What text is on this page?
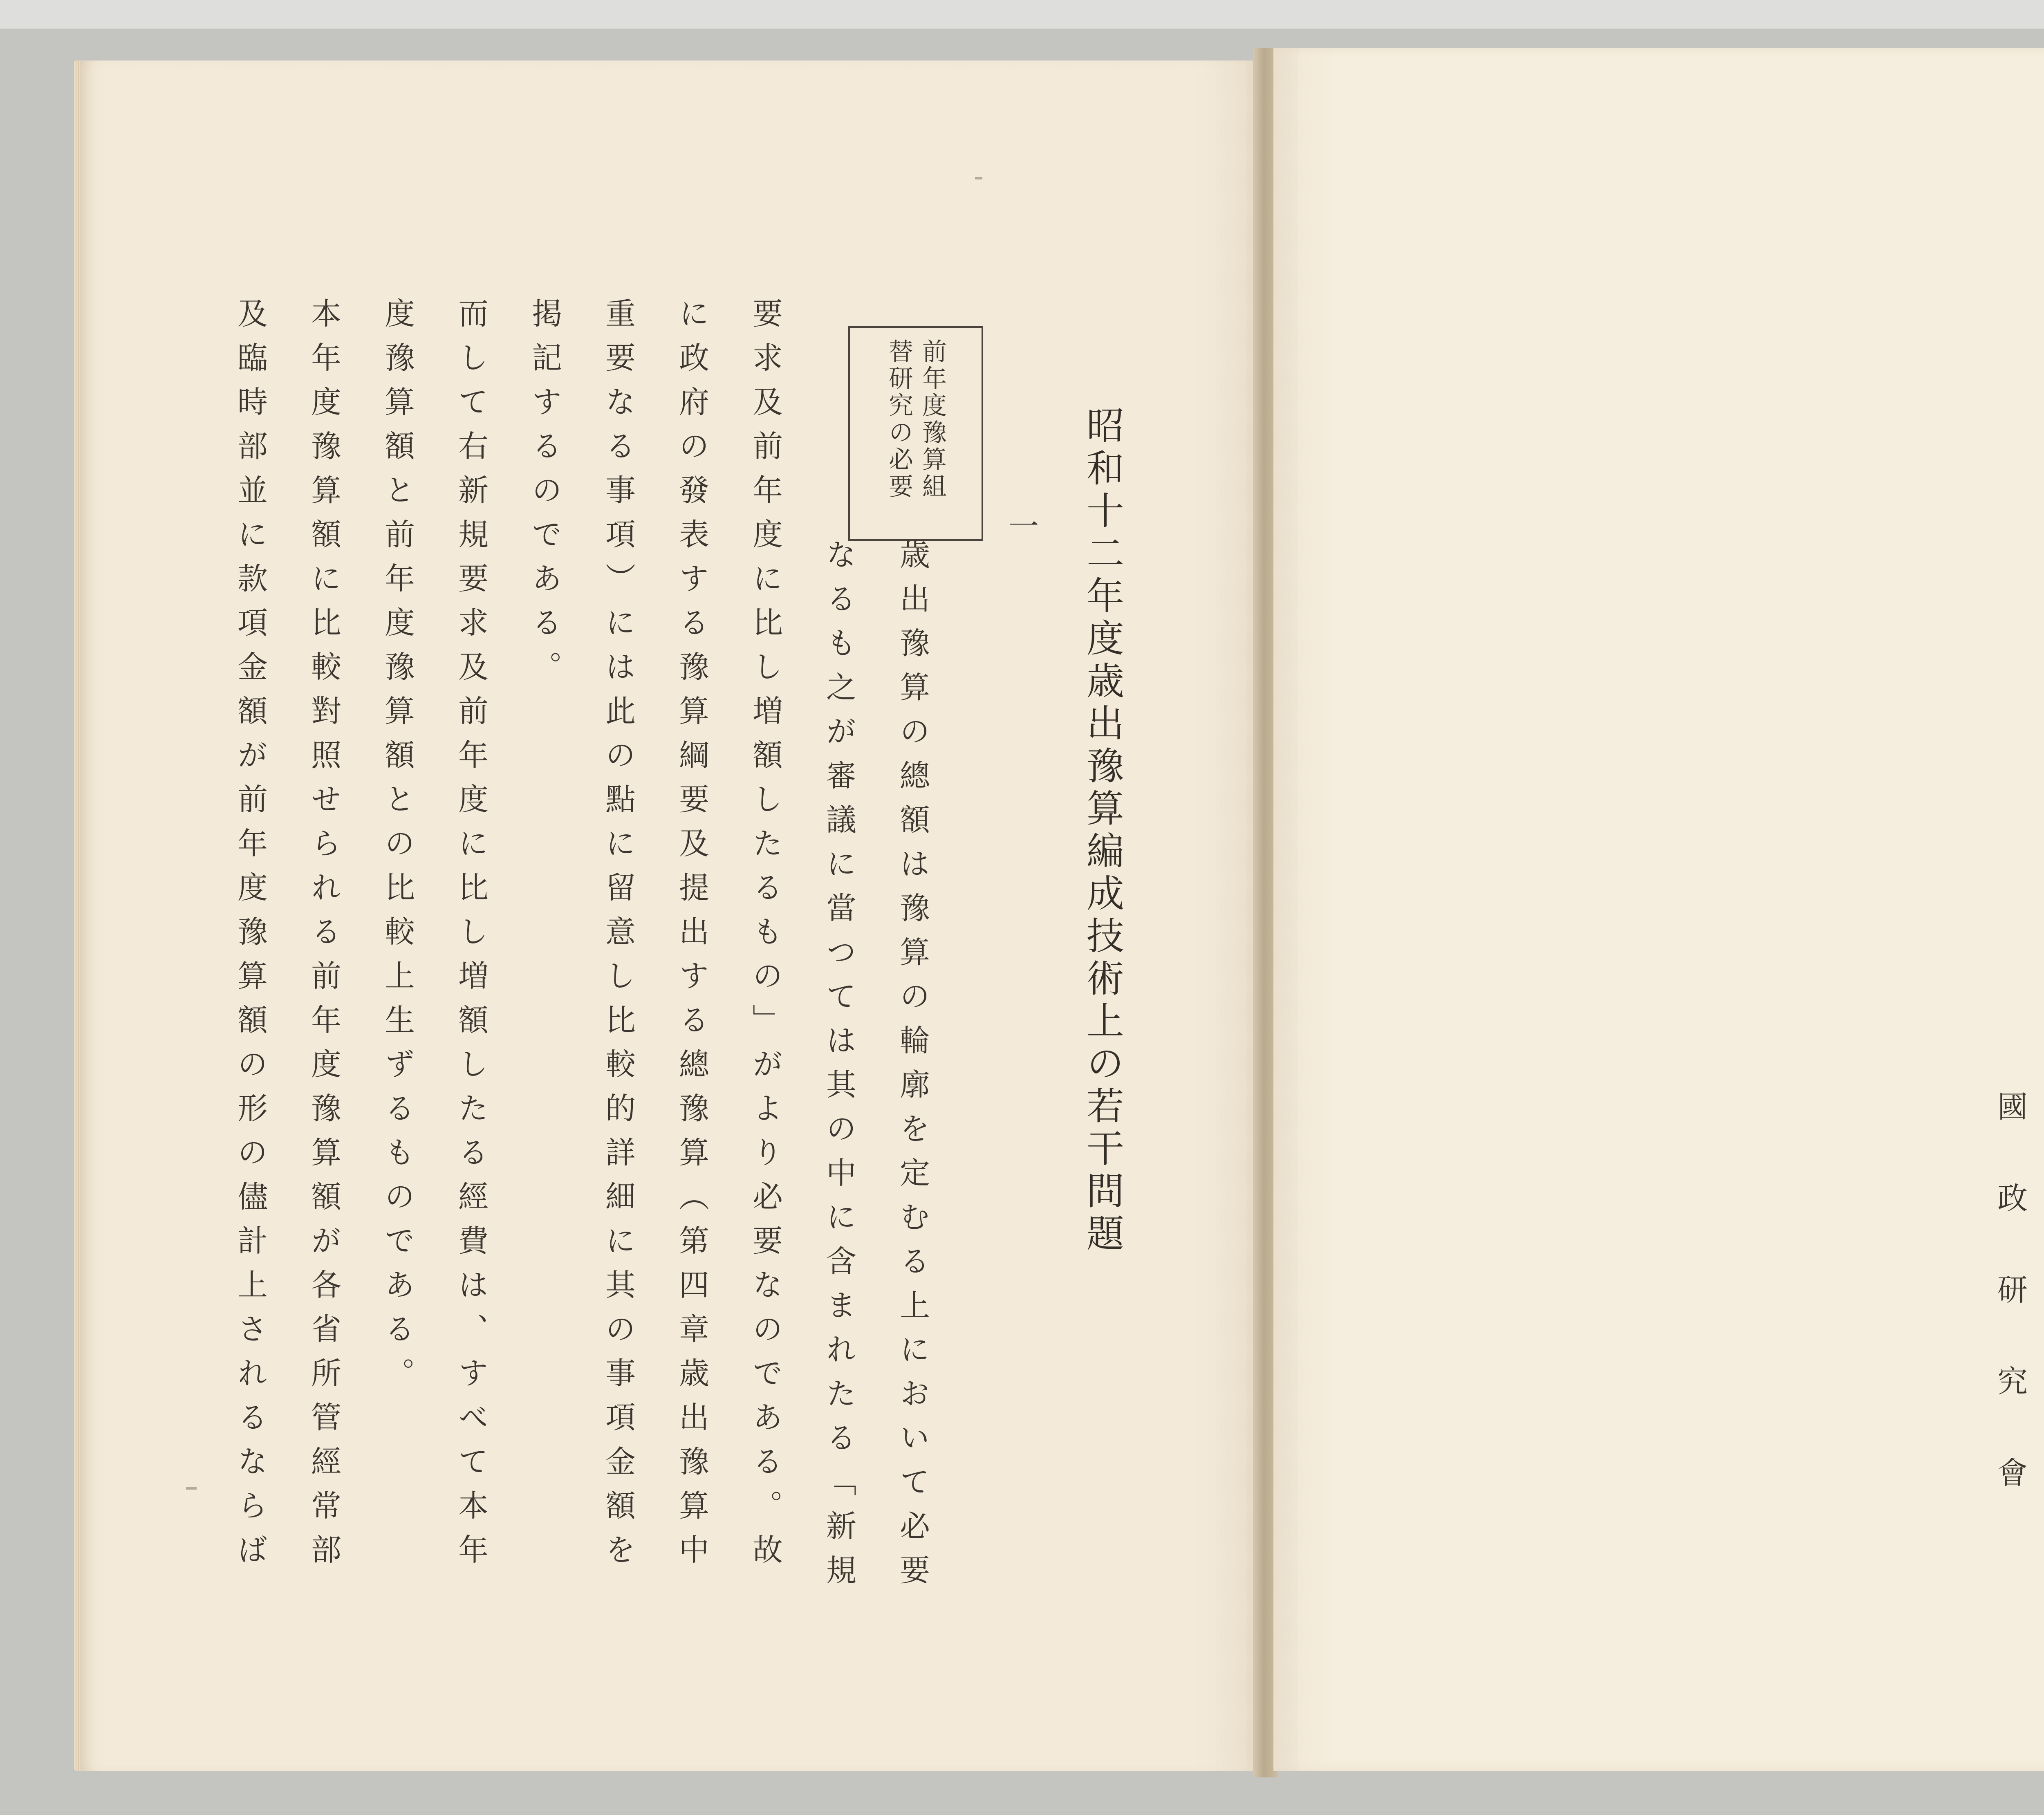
昭和十二年度歳出豫算編成技術上の若干問題
一
前年度豫算組
替研究の必要
歳出豫算の總額は豫算の輪廓を定むる上において必要
なるも之が審議に當つては其の中に含まれたる「新規
要求及前年度に比し増額したるもの」がより必要なのである。故
に政府の發表する豫算綱要及提出する總豫算（第四章歳出豫算中
重要なる事項）には此の點に留意し比較的詳細に其の事項金額を
掲記するのである。
而して右新規要求及前年度に比し増額したる經費は、すべて本年
度豫算額と前年度豫算額との比較上生ずるものである。
本年度豫算額に比較對照せられる前年度豫算額が各省所管經常部
及臨時部並に款項金額が前年度豫算額の形の儘計上されるならば	國政研究會
